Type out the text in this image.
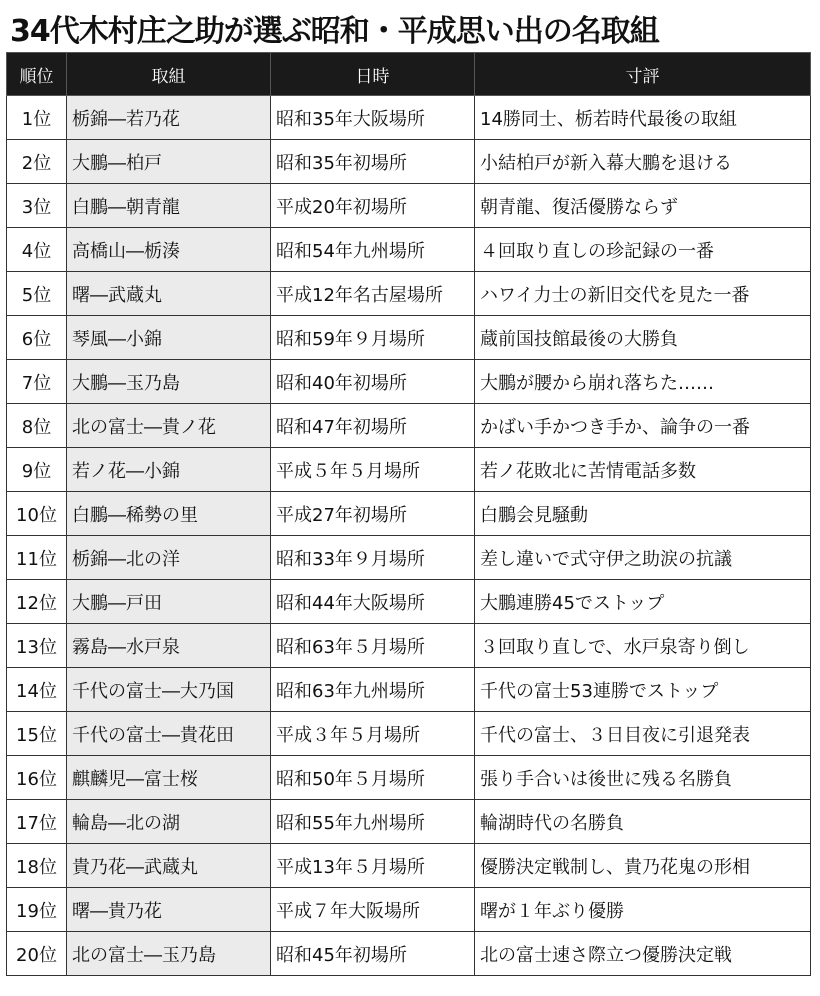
34代木村庄之助が選ぶ昭和・平成思い出の名取組
順位	取組	日時	寸評
1位	栃錦―若乃花	昭和35年大阪場所	14勝同士、栃若時代最後の取組
2位	大鵬―柏戸	昭和35年初場所	小結柏戸が新入幕大鵬を退ける
3位	白鵬―朝青龍	平成20年初場所	朝青龍、復活優勝ならず
4位	高橋山―栃湊	昭和54年九州場所	４回取り直しの珍記録の一番
5位	曙―武蔵丸	平成12年名古屋場所	ハワイ力士の新旧交代を見た一番
6位	琴風―小錦	昭和59年９月場所	蔵前国技館最後の大勝負
7位	大鵬―玉乃島	昭和40年初場所	大鵬が腰から崩れ落ちた……
8位	北の富士―貴ノ花	昭和47年初場所	かばい手かつき手か、論争の一番
9位	若ノ花―小錦	平成５年５月場所	若ノ花敗北に苦情電話多数
10位	白鵬―稀勢の里	平成27年初場所	白鵬会見騒動
11位	栃錦―北の洋	昭和33年９月場所	差し違いで式守伊之助涙の抗議
12位	大鵬―戸田	昭和44年大阪場所	大鵬連勝45でストップ
13位	霧島―水戸泉	昭和63年５月場所	３回取り直しで、水戸泉寄り倒し
14位	千代の富士―大乃国	昭和63年九州場所	千代の富士53連勝でストップ
15位	千代の富士―貴花田	平成３年５月場所	千代の富士、３日目夜に引退発表
16位	麒麟児―富士桜	昭和50年５月場所	張り手合いは後世に残る名勝負
17位	輪島―北の湖	昭和55年九州場所	輪湖時代の名勝負
18位	貴乃花―武蔵丸	平成13年５月場所	優勝決定戦制し、貴乃花鬼の形相
19位	曙―貴乃花	平成７年大阪場所	曙が１年ぶり優勝
20位	北の富士―玉乃島	昭和45年初場所	北の富士速さ際立つ優勝決定戦
